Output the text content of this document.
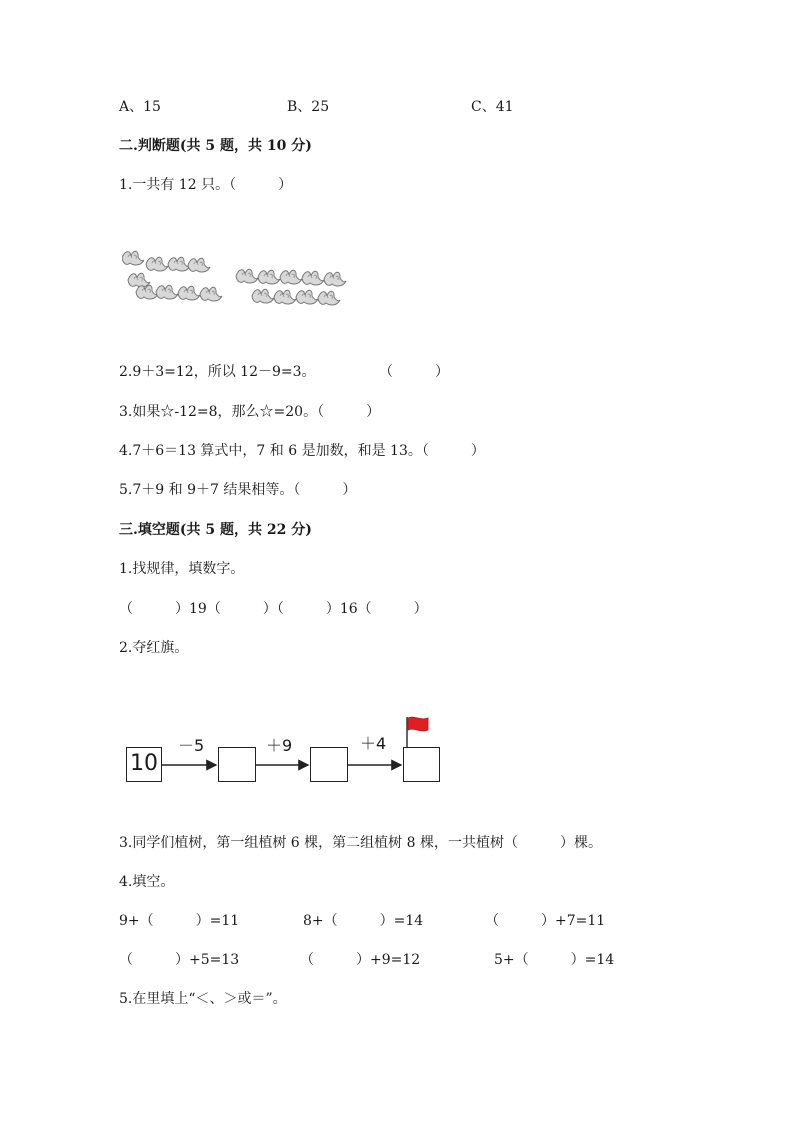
A、15	B、25	C、41
二.判断题(共 5 题，共 10 分)
1.一共有 12 只。（　　　）
2.9＋3=12，所以 12－9=3。	（　　　）
3.如果☆-12=8，那么☆=20。（　　　）
4.7＋6＝13 算式中，7 和 6 是加数，和是 13。（　　　）
5.7＋9 和 9＋7 结果相等。（　　　）
三.填空题(共 5 题，共 22 分)
1.找规律，填数字。
（　　　）19（　　　）（　　　）16（　　　）
2.夺红旗。
10
－5	＋9	＋4
3.同学们植树，第一组植树 6 棵，第二组植树 8 棵，一共植树（　　　）棵。
4.填空。
9+（　　　）=11	8+（　　　）=14	（　　　）+7=11
（　　　）+5=13	（　　　）+9=12	5+（　　　）=14
5.在里填上“＜、＞或＝”。
